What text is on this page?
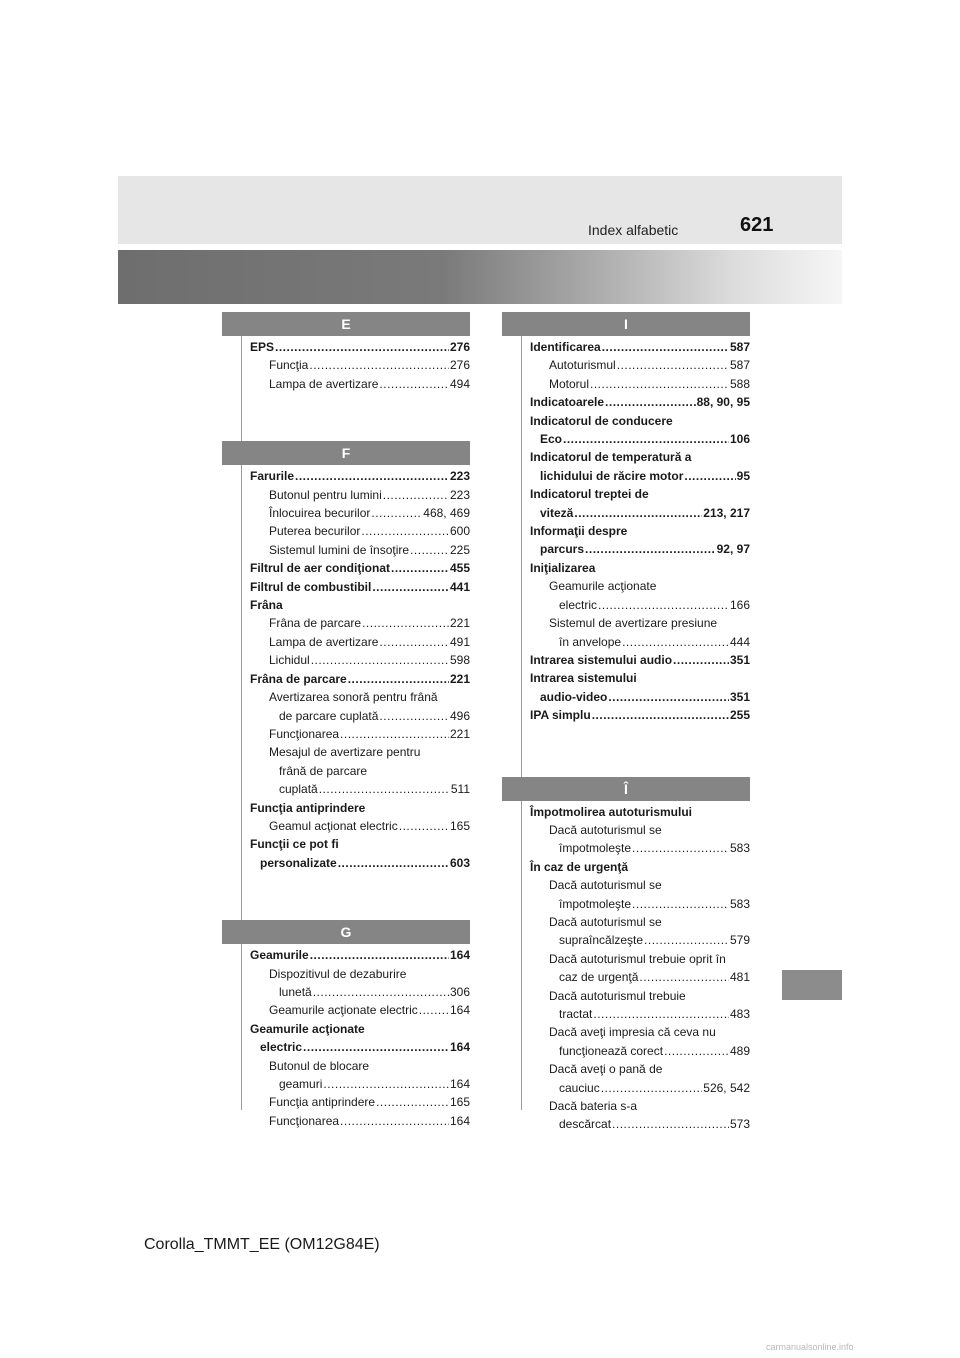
Index alfabetic	621
E
EPS .....	276
Funcţia .....	276
Lampa de avertizare .....	494
F
Farurile .....	223
Butonul pentru lumini .....	223
Înlocuirea becurilor .....	468, 469
Puterea becurilor .....	600
Sistemul lumini de însoţire .....	225
Filtrul de aer condiţionat .....	455
Filtrul de combustibil .....	441
Frâna
Frâna de parcare .....	221
Lampa de avertizare .....	491
Lichidul .....	598
Frâna de parcare .....	221
Avertizarea sonoră pentru frână
de parcare cuplată .....	496
Funcţionarea .....	221
Mesajul de avertizare pentru
frână de parcare
cuplată .....	511
Funcţia antiprindere
Geamul acţionat electric .....	165
Funcţii ce pot fi
personalizate .....	603
G
Geamurile .....	164
Dispozitivul de dezaburire
lunetă .....	306
Geamurile acţionate electric .....	164
Geamurile acţionate
electric .....	164
Butonul de blocare
geamuri .....	164
Funcţia antiprindere .....	165
Funcţionarea .....	164
I
Identificarea .....	587
Autoturismul .....	587
Motorul .....	588
Indicatoarele .....	88, 90, 95
Indicatorul de conducere
Eco .....	106
Indicatorul de temperatură a
lichidului de răcire motor .....	95
Indicatorul treptei de
viteză .....	213, 217
Informaţii despre
parcurs .....	92, 97
Iniţializarea
Geamurile acţionate
electric .....	166
Sistemul de avertizare presiune
în anvelope .....	444
Intrarea sistemului audio .....	351
Intrarea sistemului
audio-video .....	351
IPA simplu .....	255
Î
Împotmolirea autoturismului
Dacă autoturismul se
împotmoleşte .....	583
În caz de urgenţă
Dacă autoturismul se
împotmoleşte .....	583
Dacă autoturismul se
supraîncălzeşte .....	579
Dacă autoturismul trebuie oprit în
caz de urgenţă .....	481
Dacă autoturismul trebuie
tractat .....	483
Dacă aveţi impresia că ceva nu
funcţionează corect .....	489
Dacă aveţi o pană de
cauciuc .....	526, 542
Dacă bateria s-a
descărcat .....	573
Corolla_TMMT_EE (OM12G84E)
carmanualsonline.info
